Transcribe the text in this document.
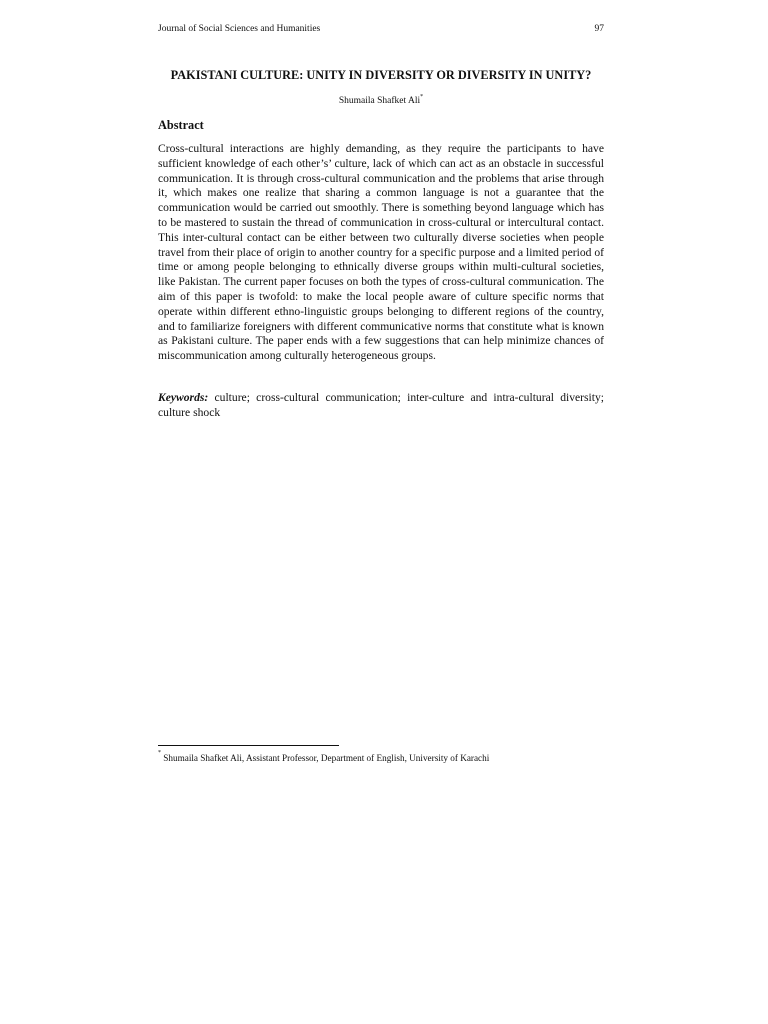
Journal of Social Sciences and Humanities	97
PAKISTANI CULTURE: UNITY IN DIVERSITY OR DIVERSITY IN UNITY?
Shumaila Shafket Ali*
Abstract

Cross-cultural interactions are highly demanding, as they require the participants to have sufficient knowledge of each other’s’ culture, lack of which can act as an obstacle in successful communication. It is through cross-cultural communication and the problems that arise through it, which makes one realize that sharing a common language is not a guarantee that the communication would be carried out smoothly. There is something beyond language which has to be mastered to sustain the thread of communication in cross-cultural or intercultural contact. This inter-cultural contact can be either between two culturally diverse societies when people travel from their place of origin to another country for a specific purpose and a limited period of time or among people belonging to ethnically diverse groups within multi-cultural societies, like Pakistan. The current paper focuses on both the types of cross-cultural communication. The aim of this paper is twofold: to make the local people aware of culture specific norms that operate within different ethno-linguistic groups belonging to different regions of the country, and to familiarize foreigners with different communicative norms that constitute what is known as Pakistani culture. The paper ends with a few suggestions that can help minimize chances of miscommunication among culturally heterogeneous groups.

Keywords: culture; cross-cultural communication; inter-culture and intra-cultural diversity; culture shock

* Shumaila Shafket Ali, Assistant Professor, Department of English, University of Karachi
